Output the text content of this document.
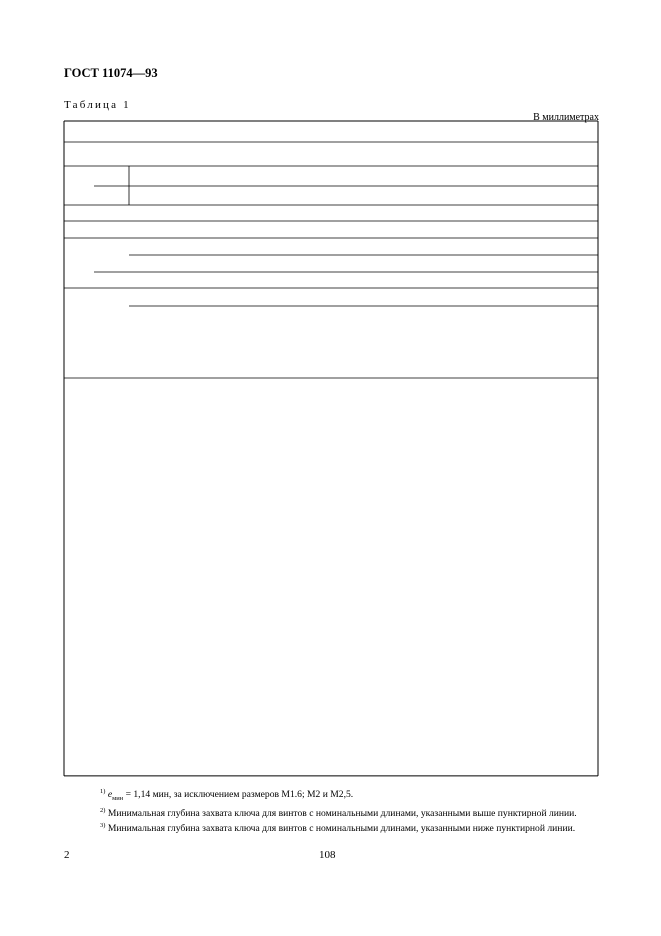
ГОСТ 11074—93
Таблица 1
В миллиметрах

$^{1)}$ $e_{мин} = 1,14$ мин, за исключением размеров M1.6; M2 и M2,5.

$^{2)}$ Минимальная глубина захвата ключа для винтов с номинальными длинами, указанными выше пунктирной линии.

$^{3)}$ Минимальная глубина захвата ключа для винтов с номинальными длинами, указанными ниже пунктирной линии.

2	108
